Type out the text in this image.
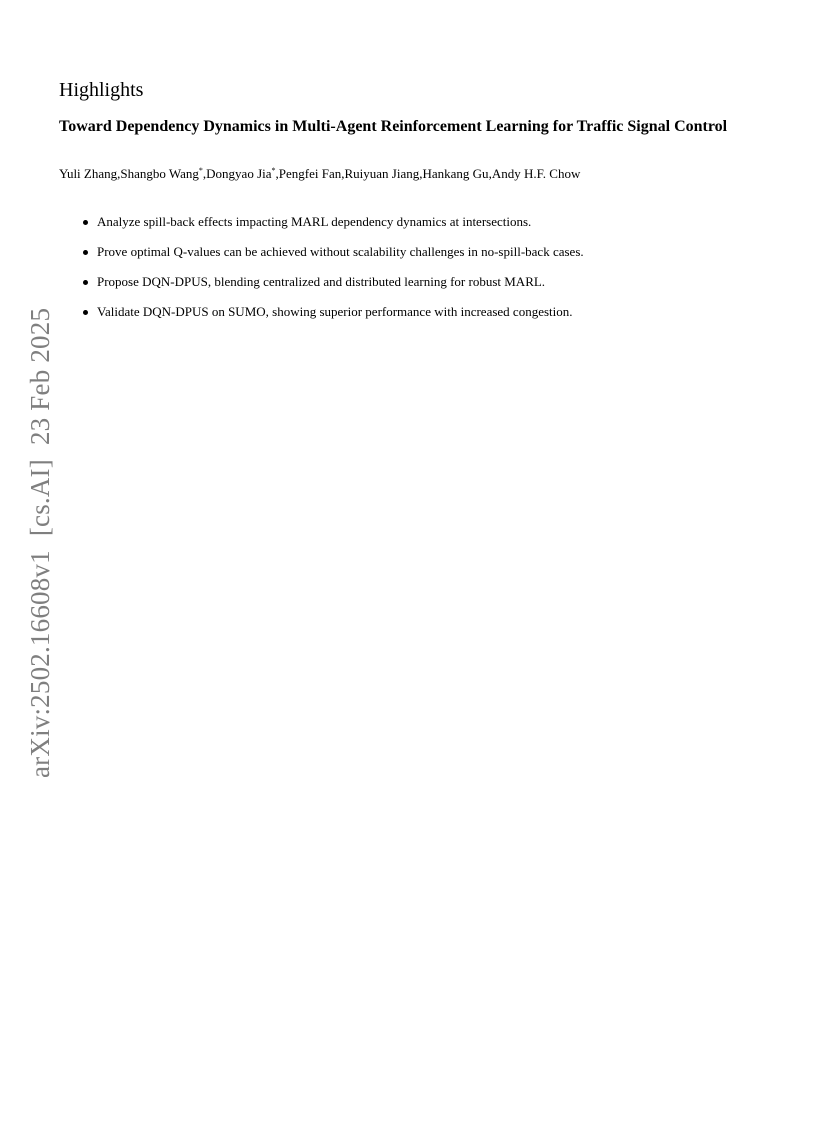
arXiv:2502.16608v1[cs.AI]23 Feb 2025
Highlights
Toward Dependency Dynamics in Multi-Agent Reinforcement Learning for Traffic Signal Control

Yuli Zhang,Shangbo Wang*,Dongyao Jia*,Pengfei Fan,Ruiyuan Jiang,Hankang Gu,Andy H.F. Chow

Analyze spill-back effects impacting MARL dependency dynamics at intersections.
Prove optimal Q-values can be achieved without scalability challenges in no-spill-back cases.
Propose DQN-DPUS, blending centralized and distributed learning for robust MARL.
Validate DQN-DPUS on SUMO, showing superior performance with increased congestion.
